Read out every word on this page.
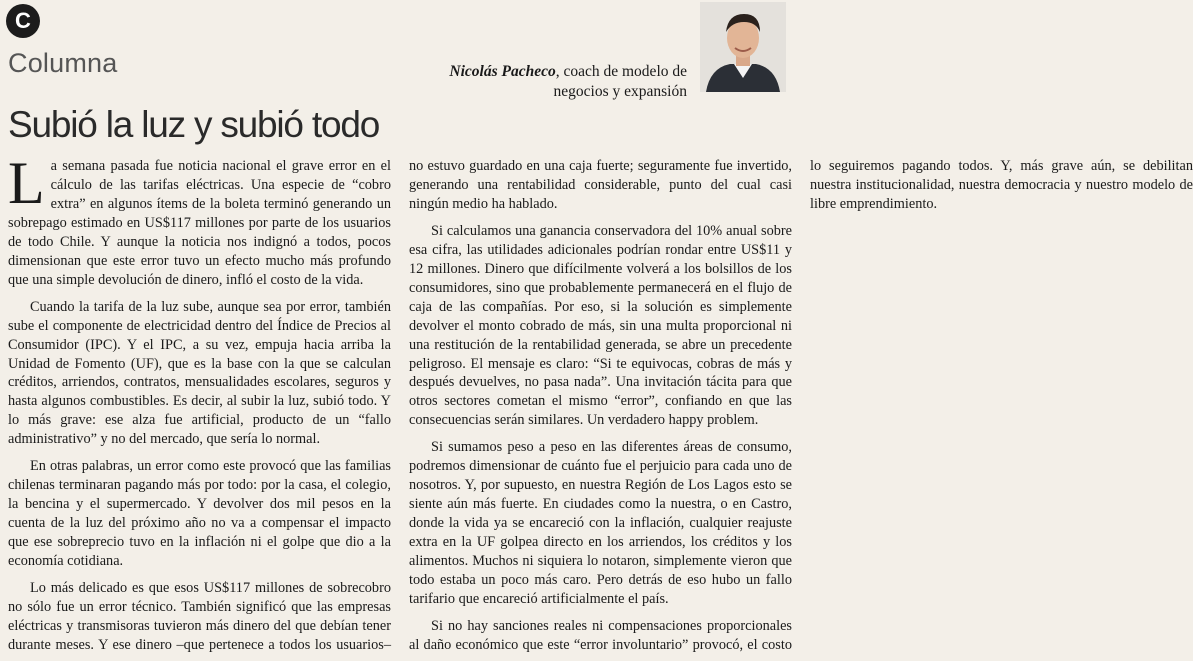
C
Columna	Nicolás Pacheco, coach de modelo de
negocios y expansión
Subió la luz y subió todo

La semana pasada fue noticia nacional el grave error en el cálculo de las tarifas eléctricas. Una especie de “cobro extra” en algunos ítems de la boleta terminó generando un sobrepago estimado en US$117 millones por parte de los usuarios de todo Chile. Y aunque la noticia nos indignó a todos, pocos dimensionan que este error tuvo un efecto mucho más profundo que una simple devolución de dinero, infló el costo de la vida.

Cuando la tarifa de la luz sube, aunque sea por error, también sube el componente de electricidad dentro del Índice de Precios al Consumidor (IPC). Y el IPC, a su vez, empuja hacia arriba la Unidad de Fomento (UF), que es la base con la que se calculan créditos, arriendos, contratos, mensualidades escolares, seguros y hasta algunos combustibles. Es decir, al subir la luz, subió todo. Y lo más grave: ese alza fue artificial, producto de un “fallo administrativo” y no del mercado, que sería lo normal.

En otras palabras, un error como este provocó que las familias chilenas terminaran pagando más por todo: por la casa, el colegio, la bencina y el supermercado. Y devolver dos mil pesos en la cuenta de la luz del próximo año no va a compensar el impacto que ese sobreprecio tuvo en la inflación ni el golpe que dio a la economía cotidiana.

Lo más delicado es que esos US$117 millones de sobrecobro no sólo fue un error técnico. También significó que las empresas eléctricas y transmisoras tuvieron más dinero del que debían tener durante meses. Y ese dinero –que pertenece a todos los usuarios– no estuvo guardado en una caja fuerte; seguramente fue invertido, generando una rentabilidad considerable, punto del cual casi ningún medio ha hablado.

Si calculamos una ganancia conservadora del 10% anual sobre esa cifra, las utilidades adicionales podrían rondar entre US$11 y 12 millones. Dinero que difícilmente volverá a los bolsillos de los consumidores, sino que probablemente permanecerá en el flujo de caja de las compañías. Por eso, si la solución es simplemente devolver el monto cobrado de más, sin una multa proporcional ni una restitución de la rentabilidad generada, se abre un precedente peligroso. El mensaje es claro: “Si te equivocas, cobras de más y después devuelves, no pasa nada”. Una invitación tácita para que otros sectores cometan el mismo “error”, confiando en que las consecuencias serán similares. Un verdadero happy problem.

Si sumamos peso a peso en las diferentes áreas de consumo, podremos dimensionar de cuánto fue el perjuicio para cada uno de nosotros. Y, por supuesto, en nuestra Región de Los Lagos esto se siente aún más fuerte. En ciudades como la nuestra, o en Castro, donde la vida ya se encareció con la inflación, cualquier reajuste extra en la UF golpea directo en los arriendos, los créditos y los alimentos. Muchos ni siquiera lo notaron, simplemente vieron que todo estaba un poco más caro. Pero detrás de eso hubo un fallo tarifario que encareció artificialmente el país.

Si no hay sanciones reales ni compensaciones proporcionales al daño económico que este “error involuntario” provocó, el costo lo seguiremos pagando todos. Y, más grave aún, se debilitan nuestra institucionalidad, nuestra democracia y nuestro modelo de libre emprendimiento.
